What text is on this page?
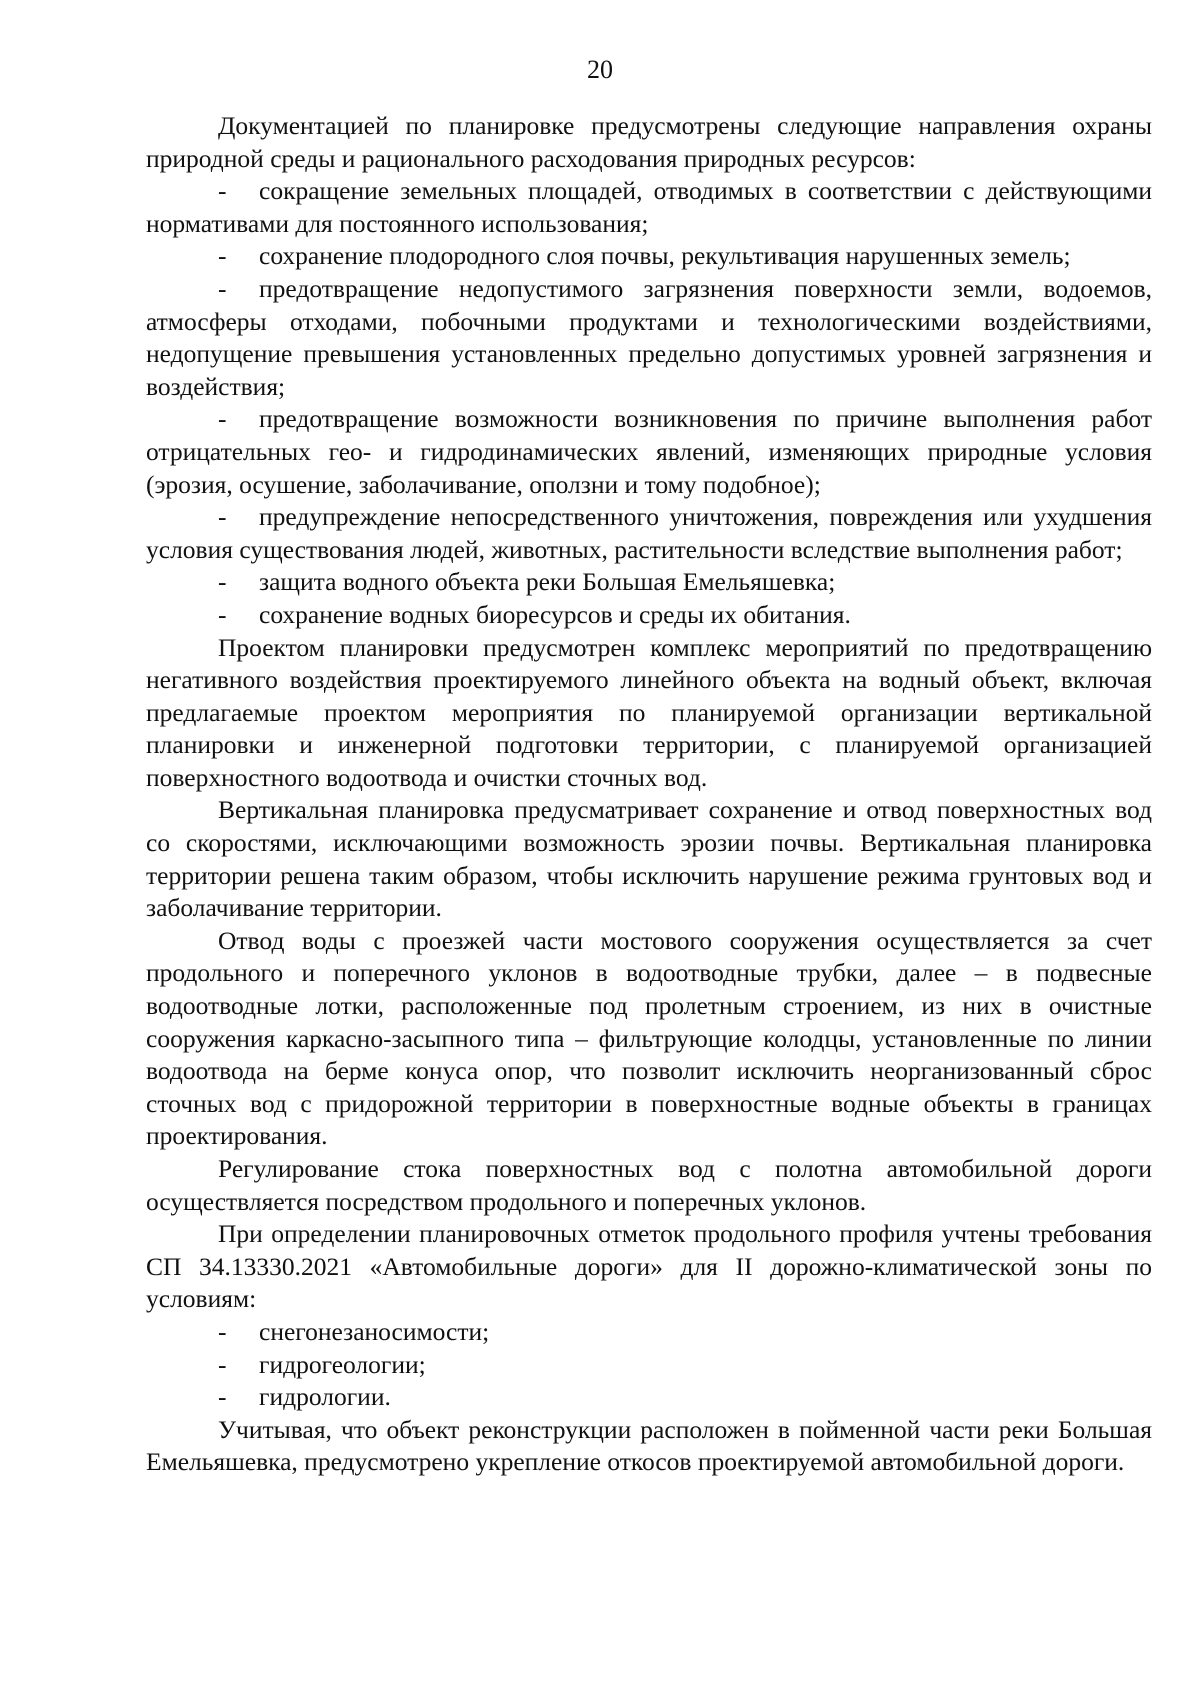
20

Документацией по планировке предусмотрены следующие направления охраны природной среды и рационального расходования природных ресурсов:

- сокращение земельных площадей, отводимых в соответствии с действующими нормативами для постоянного использования;

- сохранение плодородного слоя почвы, рекультивация нарушенных земель;

- предотвращение недопустимого загрязнения поверхности земли, водоемов, атмосферы отходами, побочными продуктами и технологическими воздействиями, недопущение превышения установленных предельно допустимых уровней загрязнения и воздействия;

- предотвращение возможности возникновения по причине выполнения работ отрицательных гео- и гидродинамических явлений, изменяющих природные условия (эрозия, осушение, заболачивание, оползни и тому подобное);

- предупреждение непосредственного уничтожения, повреждения или ухудшения условия существования людей, животных, растительности вследствие выполнения работ;

- защита водного объекта реки Большая Емельяшевка;

- сохранение водных биоресурсов и среды их обитания.

Проектом планировки предусмотрен комплекс мероприятий по предотвращению негативного воздействия проектируемого линейного объекта на водный объект, включая предлагаемые проектом мероприятия по планируемой организации вертикальной планировки и инженерной подготовки территории, с планируемой организацией поверхностного водоотвода и очистки сточных вод.

Вертикальная планировка предусматривает сохранение и отвод поверхностных вод со скоростями, исключающими возможность эрозии почвы. Вертикальная планировка территории решена таким образом, чтобы исключить нарушение режима грунтовых вод и заболачивание территории.

Отвод воды с проезжей части мостового сооружения осуществляется за счет продольного и поперечного уклонов в водоотводные трубки, далее – в подвесные водоотводные лотки, расположенные под пролетным строением, из них в очистные сооружения каркасно-засыпного типа – фильтрующие колодцы, установленные по линии водоотвода на берме конуса опор, что позволит исключить неорганизованный сброс сточных вод с придорожной территории в поверхностные водные объекты в границах проектирования.

Регулирование стока поверхностных вод с полотна автомобильной дороги осуществляется посредством продольного и поперечных уклонов.

При определении планировочных отметок продольного профиля учтены требования СП 34.13330.2021 «Автомобильные дороги» для II дорожно-климатической зоны по условиям:

- снегонезаносимости;

- гидрогеологии;

- гидрологии.

Учитывая, что объект реконструкции расположен в пойменной части реки Большая Емельяшевка, предусмотрено укрепление откосов проектируемой автомобильной дороги.
